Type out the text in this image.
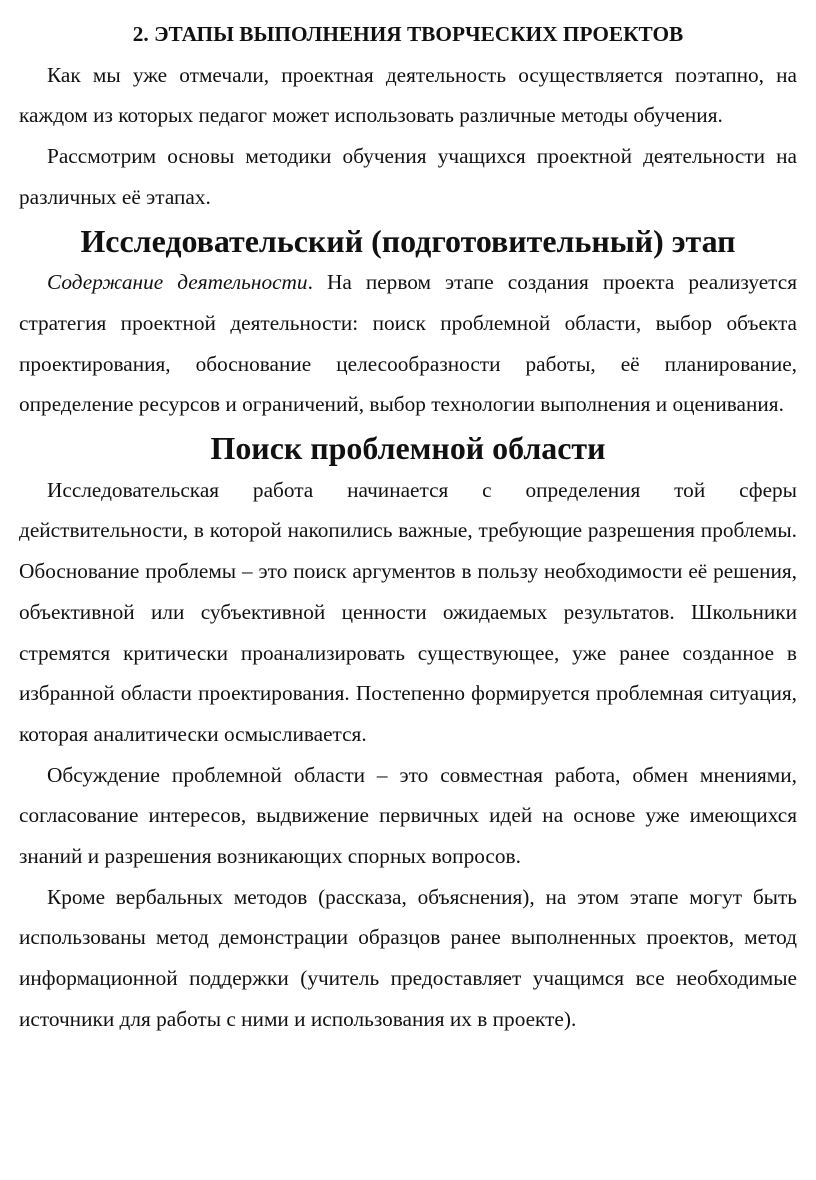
2. ЭТАПЫ ВЫПОЛНЕНИЯ ТВОРЧЕСКИХ ПРОЕКТОВ

Как мы уже отмечали, проектная деятельность осуществляется поэтапно, на каждом из которых педагог может использовать различные методы обучения.

Рассмотрим основы методики обучения учащихся проектной деятельности на различных её этапах.

Исследовательский (подготовительный) этап

Содержание деятельности. На первом этапе создания проекта реализуется стратегия проектной деятельности: поиск проблемной области, выбор объекта проектирования, обоснование целесообразности работы, её планирование, определение ресурсов и ограничений, выбор технологии выполнения и оценивания.

Поиск проблемной области

Исследовательская работа начинается с определения той сферы действительности, в которой накопились важные, требующие разрешения проблемы. Обоснование проблемы – это поиск аргументов в пользу необходимости её решения, объективной или субъективной ценности ожидаемых результатов. Школьники стремятся критически проанализировать существующее, уже ранее созданное в избранной области проектирования. Постепенно формируется проблемная ситуация, которая аналитически осмысливается.

Обсуждение проблемной области – это совместная работа, обмен мнениями, согласование интересов, выдвижение первичных идей на основе уже имеющихся знаний и разрешения возникающих спорных вопросов.

Кроме вербальных методов (рассказа, объяснения), на этом этапе могут быть использованы метод демонстрации образцов ранее выполненных проектов, метод информационной поддержки (учитель предоставляет учащимся все необходимые источники для работы с ними и использования их в проекте).
